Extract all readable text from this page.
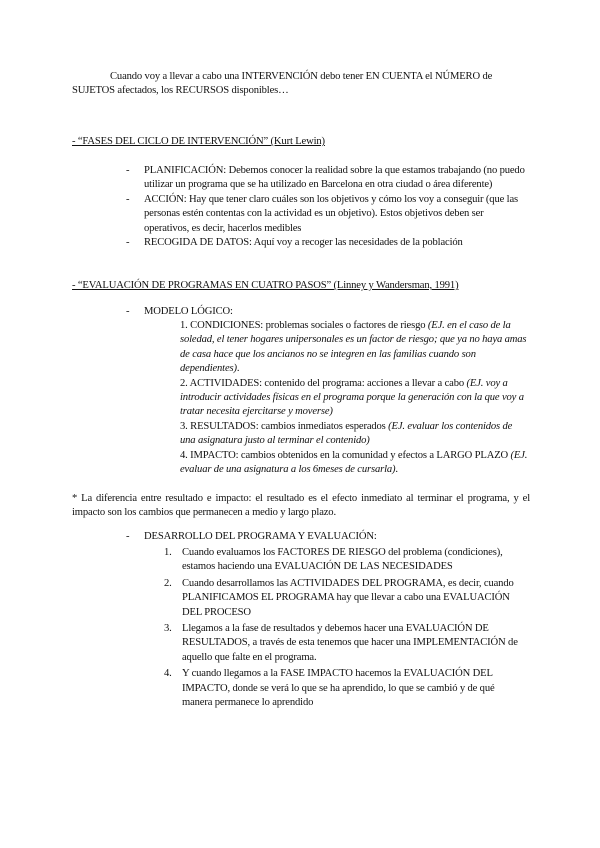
Cuando voy a llevar a cabo una INTERVENCIÓN debo tener EN CUENTA el NÚMERO de SUJETOS afectados, los RECURSOS disponibles…

- “FASES DEL CICLO DE INTERVENCIÓN” (Kurt Lewin)

- PLANIFICACIÓN: Debemos conocer la realidad sobre la que estamos trabajando (no puedo utilizar un programa que se ha utilizado en Barcelona en otra ciudad o área diferente)
- ACCIÓN: Hay que tener claro cuáles son los objetivos y cómo los voy a conseguir (que las personas estén contentas con la actividad es un objetivo). Estos objetivos deben ser operativos, es decir, hacerlos medibles
- RECOGIDA DE DATOS: Aquí voy a recoger las necesidades de la población

- “EVALUACIÓN DE PROGRAMAS EN CUATRO PASOS” (Linney y Wandersman, 1991)

- MODELO LÓGICO:

1. CONDICIONES: problemas sociales o factores de riesgo (EJ. en el caso de la soledad, el tener hogares unipersonales es un factor de riesgo; que ya no haya amas de casa hace que los ancianos no se integren en las familias cuando son dependientes).
2. ACTIVIDADES: contenido del programa: acciones a llevar a cabo (EJ. voy a introducir actividades físicas en el programa porque la generación con la que voy a tratar necesita ejercitarse y moverse)
3. RESULTADOS: cambios inmediatos esperados (EJ. evaluar los contenidos de una asignatura justo al terminar el contenido)
4. IMPACTO: cambios obtenidos en la comunidad y efectos a LARGO PLAZO (EJ. evaluar de una asignatura a los 6meses de cursarla).

* La diferencia entre resultado e impacto: el resultado es el efecto inmediato al terminar el programa, y el impacto son los cambios que permanecen a medio y largo plazo.

- DESARROLLO DEL PROGRAMA Y EVALUACIÓN:

1. Cuando evaluamos los FACTORES DE RIESGO del problema (condiciones), estamos haciendo una EVALUACIÓN DE LAS NECESIDADES
2. Cuando desarrollamos las ACTIVIDADES DEL PROGRAMA, es decir, cuando PLANIFICAMOS EL PROGRAMA hay que llevar a cabo una EVALUACIÓN DEL PROCESO
3. Llegamos a la fase de resultados y debemos hacer una EVALUACIÓN DE RESULTADOS, a través de esta tenemos que hacer una IMPLEMENTACIÓN de aquello que falte en el programa.
4. Y cuando llegamos a la FASE IMPACTO hacemos la EVALUACIÓN DEL IMPACTO, donde se verá lo que se ha aprendido, lo que se cambió y de qué manera permanece lo aprendido
